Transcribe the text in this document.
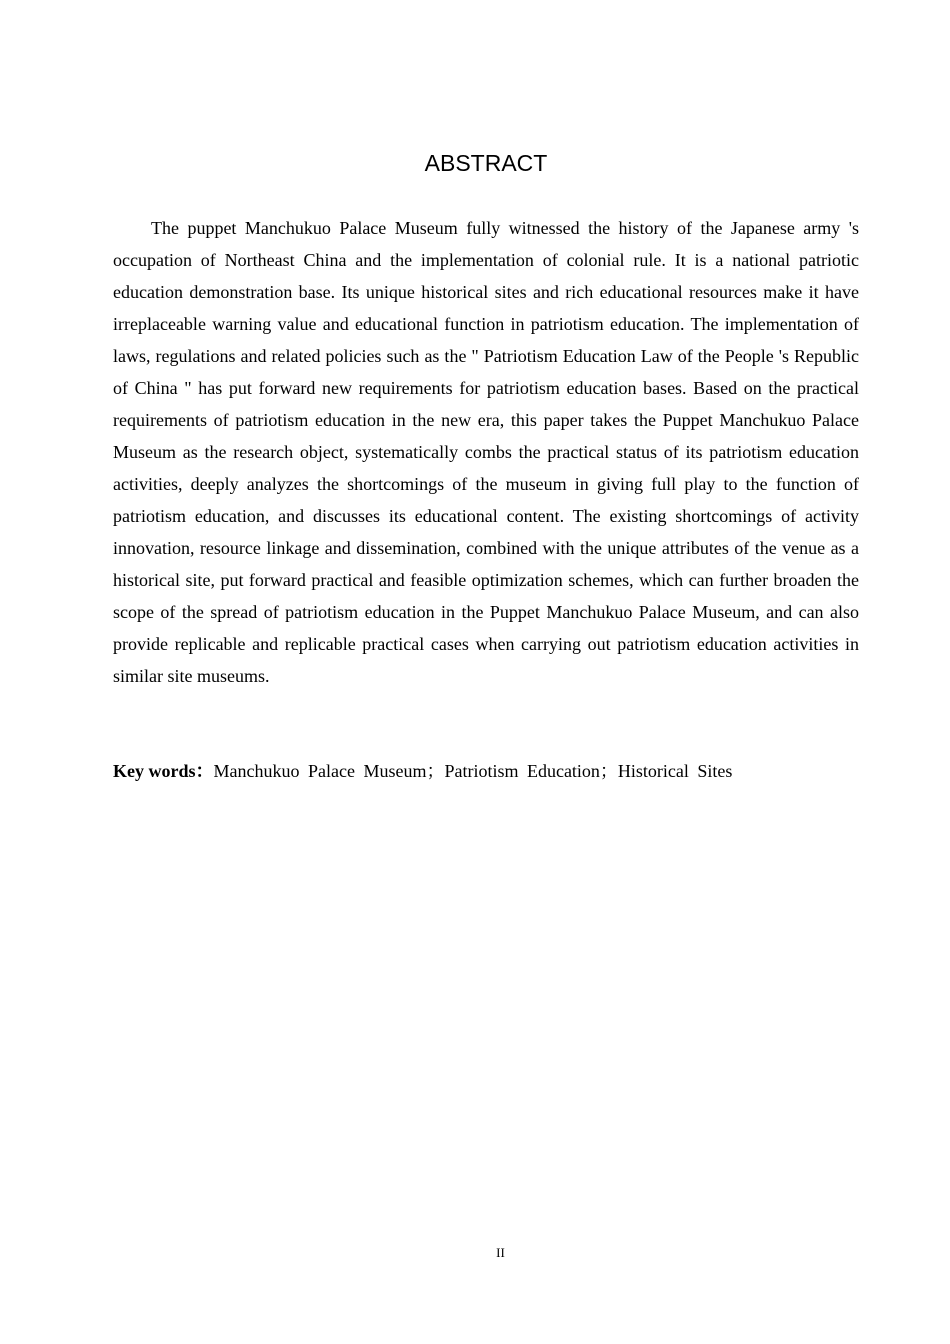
ABSTRACT

The puppet Manchukuo Palace Museum fully witnessed the history of the Japanese army 's occupation of Northeast China and the implementation of colonial rule. It is a national patriotic education demonstration base. Its unique historical sites and rich educational resources make it have irreplaceable warning value and educational function in patriotism education. The implementation of laws, regulations and related policies such as the " Patriotism Education Law of the People 's Republic of China " has put forward new requirements for patriotism education bases. Based on the practical requirements of patriotism education in the new era, this paper takes the Puppet Manchukuo Palace Museum as the research object, systematically combs the practical status of its patriotism education activities, deeply analyzes the shortcomings of the museum in giving full play to the function of patriotism education, and discusses its educational content. The existing shortcomings of activity innovation, resource linkage and dissemination, combined with the unique attributes of the venue as a historical site, put forward practical and feasible optimization schemes, which can further broaden the scope of the spread of patriotism education in the Puppet Manchukuo Palace Museum, and can also provide replicable and replicable practical cases when carrying out patriotism education activities in similar site museums.

Key words：Manchukuo Palace Museum；Patriotism Education；Historical Sites

II
